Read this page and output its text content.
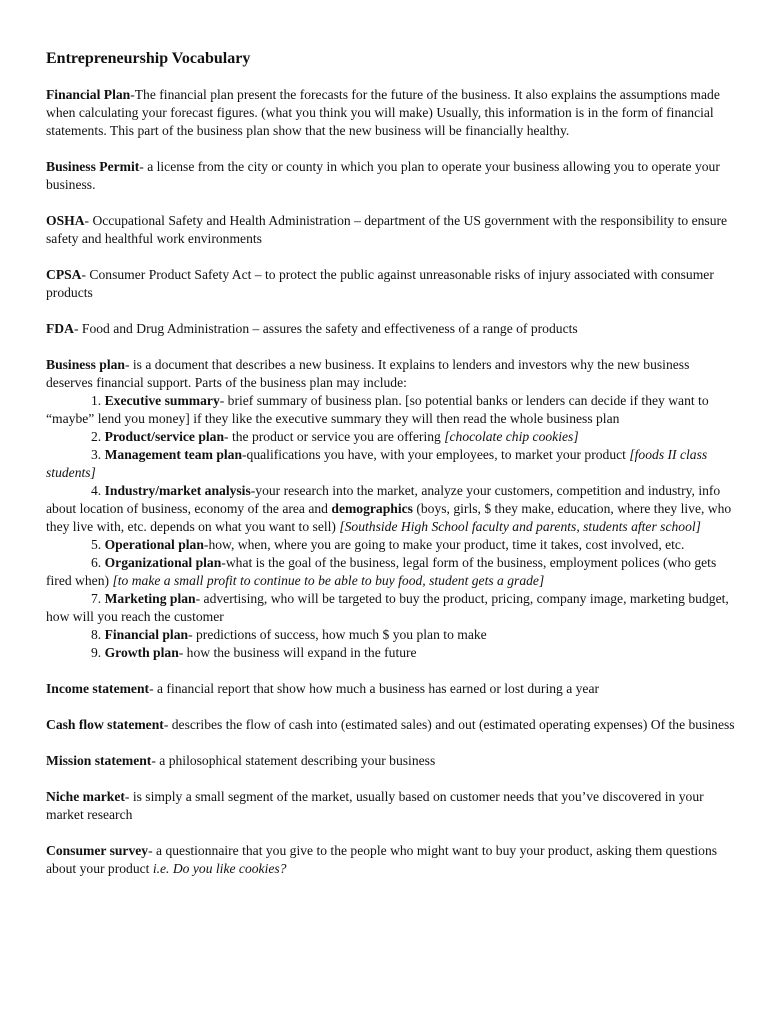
Entrepreneurship Vocabulary

Financial Plan-The financial plan present the forecasts for the future of the business. It also explains the assumptions made when calculating your forecast figures. (what you think you will make) Usually, this information is in the form of financial statements. This part of the business plan show that the new business will be financially healthy.

Business Permit- a license from the city or county in which you plan to operate your business allowing you to operate your business.

OSHA- Occupational Safety and Health Administration – department of the US government with the responsibility to ensure safety and healthful work environments

CPSA- Consumer Product Safety Act – to protect the public against unreasonable risks of injury associated with consumer products

FDA- Food and Drug Administration – assures the safety and effectiveness of a range of products

Business plan- is a document that describes a new business. It explains to lenders and investors why the new business deserves financial support. Parts of the business plan may include:

1. Executive summary- brief summary of business plan. [so potential banks or lenders can decide if they want to “maybe” lend you money] if they like the executive summary they will then read the whole business plan
2. Product/service plan- the product or service you are offering [chocolate chip cookies]
3. Management team plan-qualifications you have, with your employees, to market your product [foods II class students]
4. Industry/market analysis-your research into the market, analyze your customers, competition and industry, info about location of business, economy of the area and demographics (boys, girls, $ they make, education, where they live, who they live with, etc. depends on what you want to sell) [Southside High School faculty and parents, students after school]
5. Operational plan-how, when, where you are going to make your product, time it takes, cost involved, etc.
6. Organizational plan-what is the goal of the business, legal form of the business, employment polices (who gets fired when) [to make a small profit to continue to be able to buy food, student gets a grade]
7. Marketing plan- advertising, who will be targeted to buy the product, pricing, company image, marketing budget, how will you reach the customer
8. Financial plan- predictions of success, how much $ you plan to make
9. Growth plan- how the business will expand in the future

Income statement- a financial report that show how much a business has earned or lost during a year

Cash flow statement- describes the flow of cash into (estimated sales) and out (estimated operating expenses) Of the business

Mission statement- a philosophical statement describing your business

Niche market- is simply a small segment of the market, usually based on customer needs that you’ve discovered in your market research

Consumer survey- a questionnaire that you give to the people who might want to buy your product, asking them questions about your product i.e. Do you like cookies?
